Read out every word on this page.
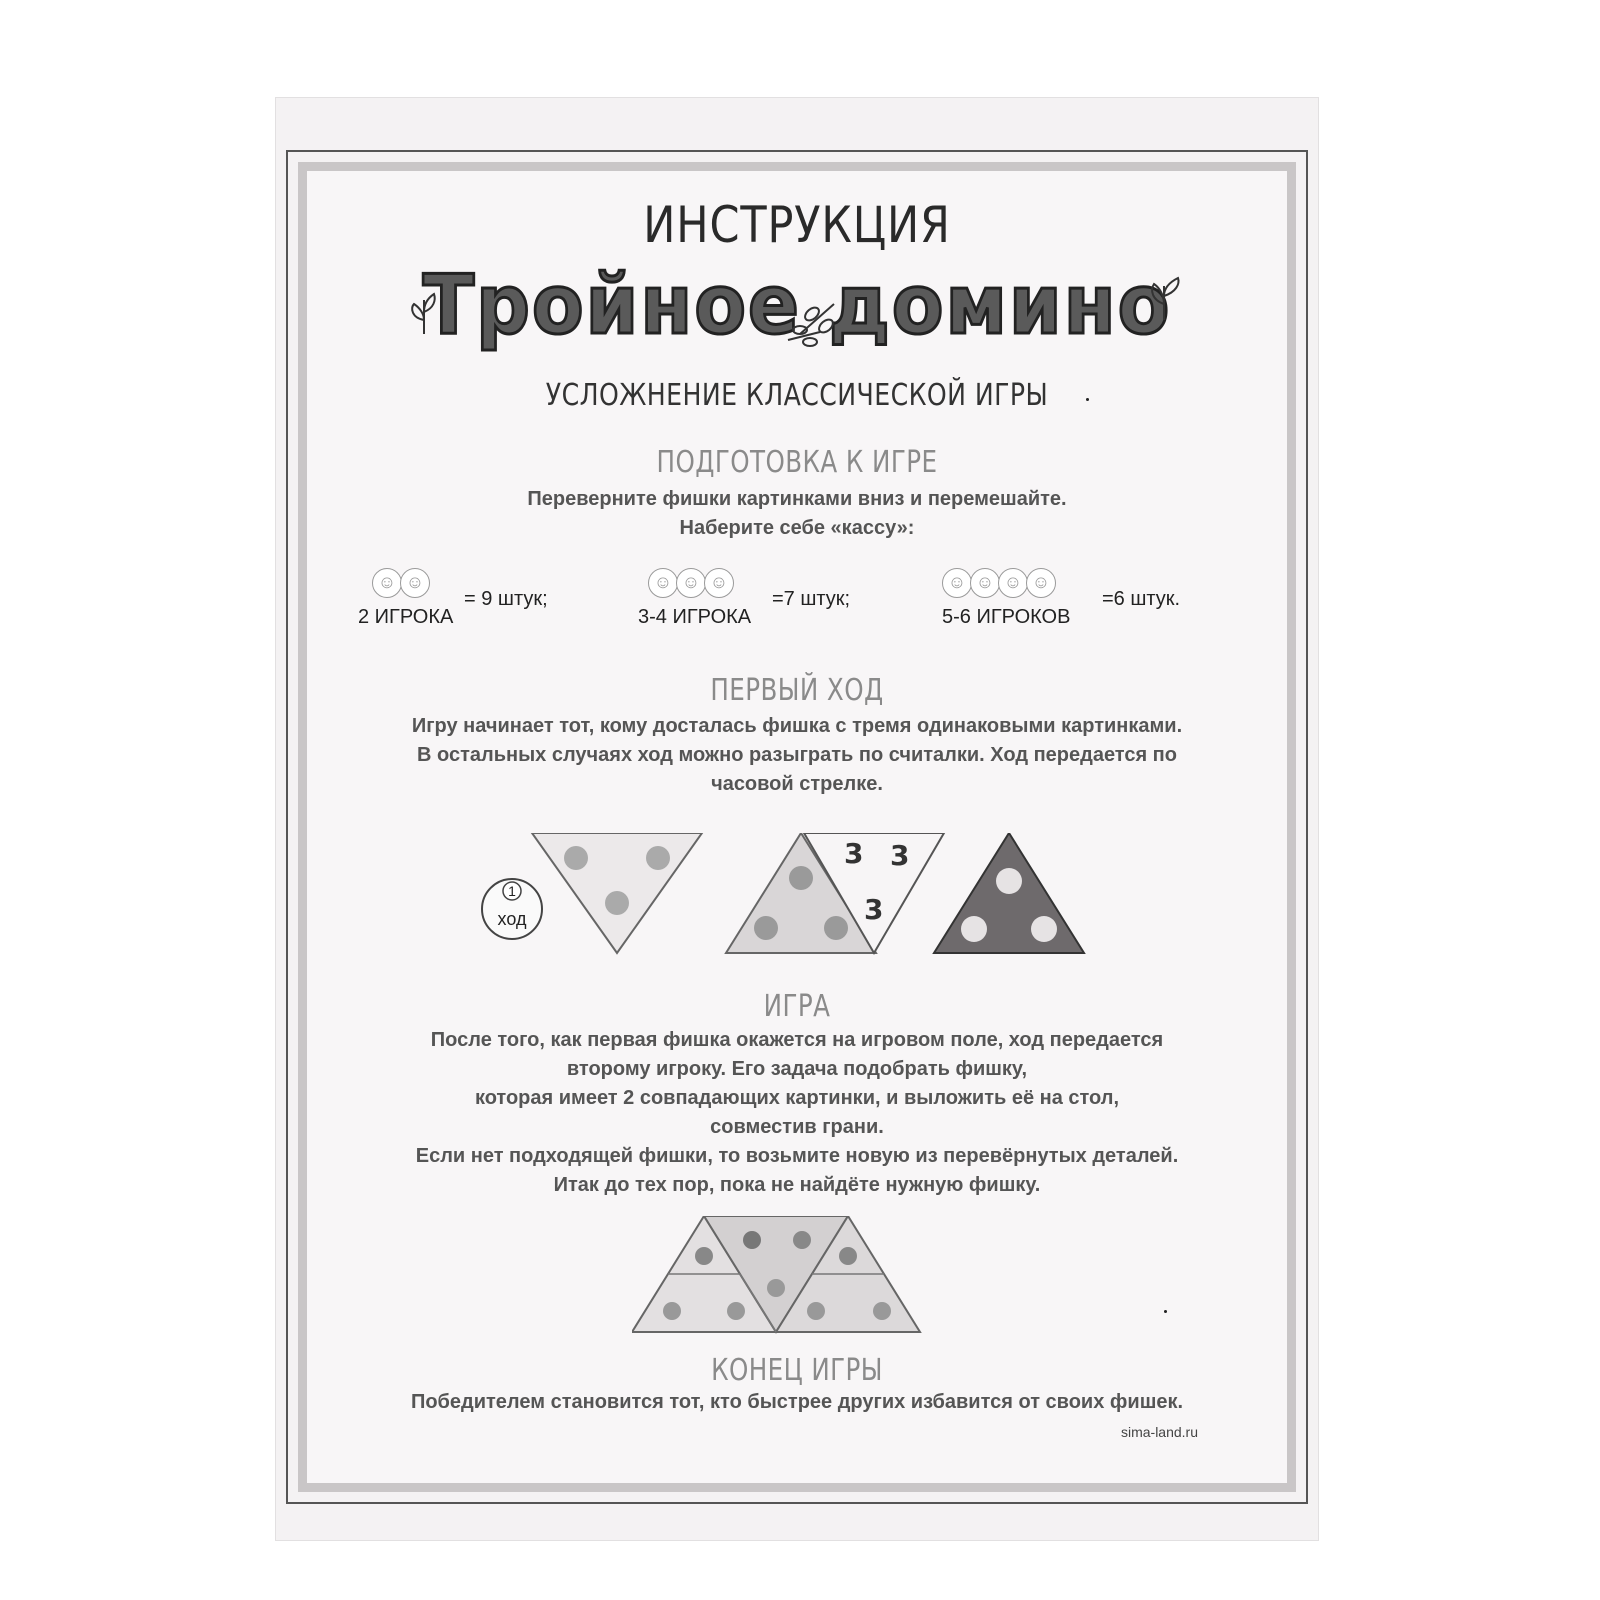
ИНСТРУКЦИЯ
Тройное домино
УСЛОЖНЕНИЕ КЛАССИЧЕСКОЙ ИГРЫ
ПОДГОТОВКА К ИГРЕ
Переверните фишки картинками вниз и перемешайте.
Наберите себе «кассу»:
☺ ☺
2 ИГРОКА
= 9 штук;
☺ ☺ ☺
3-4 ИГРОКА
=7 штук;
☺ ☺ ☺ ☺
5-6 ИГРОКОВ
=6 штук.
ПЕРВЫЙ ХОД
Игру начинает тот, кому досталась фишка с тремя одинаковыми картинками.
В остальных случаях ход можно разыграть по считалки. Ход передается по
часовой стрелке.
1
ход
3 3
3
ИГРА
После того, как первая фишка окажется на игровом поле, ход передается
второму игроку. Его задача подобрать фишку,
которая имеет 2 совпадающих картинки, и выложить её на стол,
совместив грани.
Если нет подходящей фишки, то возьмите новую из перевёрнутых деталей.
Итак до тех пор, пока не найдёте нужную фишку.
КОНЕЦ ИГРЫ
Победителем становится тот, кто быстрее других избавится от своих фишек.
sima-land.ru
